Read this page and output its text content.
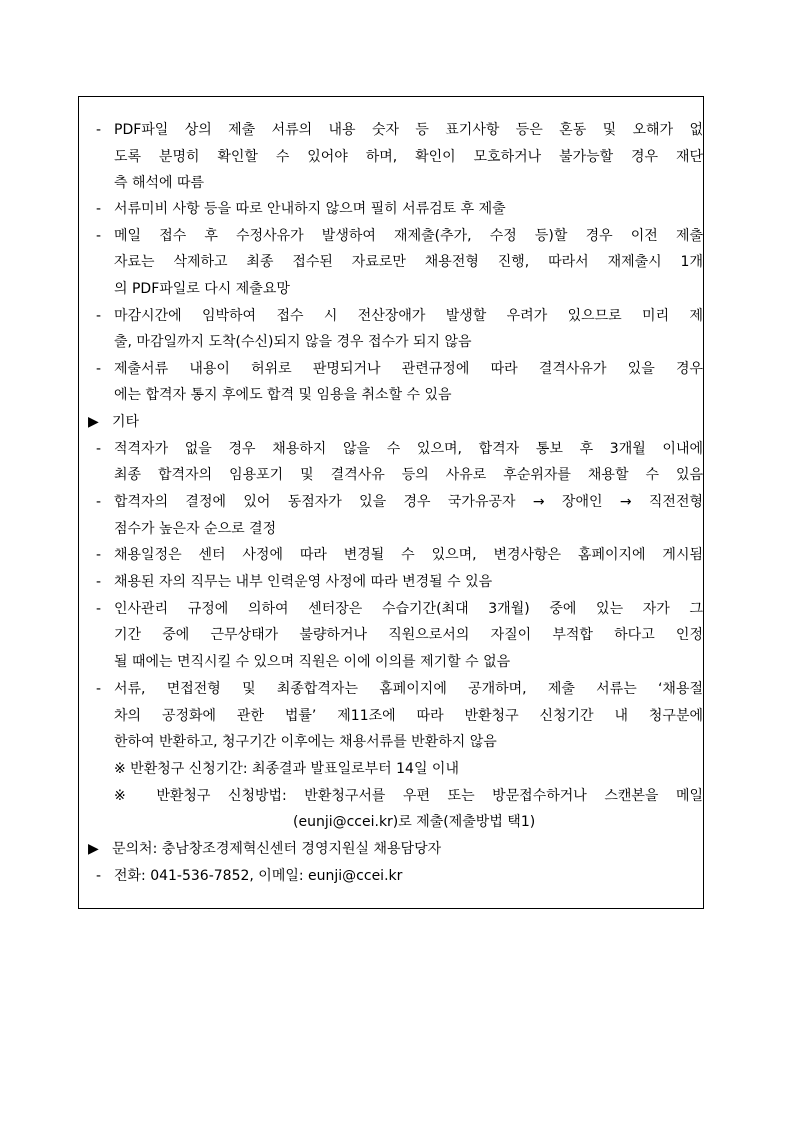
- PDF파일 상의 제출 서류의 내용 숫자 등 표기사항 등은 혼동 및 오해가 없
도록 분명히 확인할 수 있어야 하며, 확인이 모호하거나 불가능할 경우 재단
측 해석에 따름
- 서류미비 사항 등을 따로 안내하지 않으며 필히 서류검토 후 제출
- 메일 접수 후 수정사유가 발생하여 재제출(추가, 수정 등)할 경우 이전 제출
자료는 삭제하고 최종 접수된 자료로만 채용전형 진행, 따라서 재제출시 1개
의 PDF파일로 다시 제출요망
- 마감시간에 임박하여 접수 시 전산장애가 발생할 우려가 있으므로 미리 제
출, 마감일까지 도착(수신)되지 않을 경우 접수가 되지 않음
- 제출서류 내용이 허위로 판명되거나 관련규정에 따라 결격사유가 있을 경우
에는 합격자 통지 후에도 합격 및 임용을 취소할 수 있음
▶ 기타
- 적격자가 없을 경우 채용하지 않을 수 있으며, 합격자 통보 후 3개월 이내에
최종 합격자의 임용포기 및 결격사유 등의 사유로 후순위자를 채용할 수 있음
- 합격자의 결정에 있어 동점자가 있을 경우 국가유공자 → 장애인 → 직전전형
점수가 높은자 순으로 결정
- 채용일정은 센터 사정에 따라 변경될 수 있으며, 변경사항은 홈페이지에 게시됨
- 채용된 자의 직무는 내부 인력운영 사정에 따라 변경될 수 있음
- 인사관리 규정에 의하여 센터장은 수습기간(최대 3개월) 중에 있는 자가 그
기간 중에 근무상태가 불량하거나 직원으로서의 자질이 부적합 하다고 인정
될 때에는 면직시킬 수 있으며 직원은 이에 이의를 제기할 수 없음
- 서류, 면접전형 및 최종합격자는 홈페이지에 공개하며, 제출 서류는 ‘채용절
차의 공정화에 관한 법률’ 제11조에 따라 반환청구 신청기간 내 청구분에
한하여 반환하고, 청구기간 이후에는 채용서류를 반환하지 않음
※ 반환청구 신청기간: 최종결과 발표일로부터 14일 이내
※ 반환청구 신청방법: 반환청구서를 우편 또는 방문접수하거나 스캔본을 메일
(eunji@ccei.kr)로 제출(제출방법 택1)
▶ 문의처: 충남창조경제혁신센터 경영지원실 채용담당자
- 전화: 041-536-7852, 이메일: eunji@ccei.kr
